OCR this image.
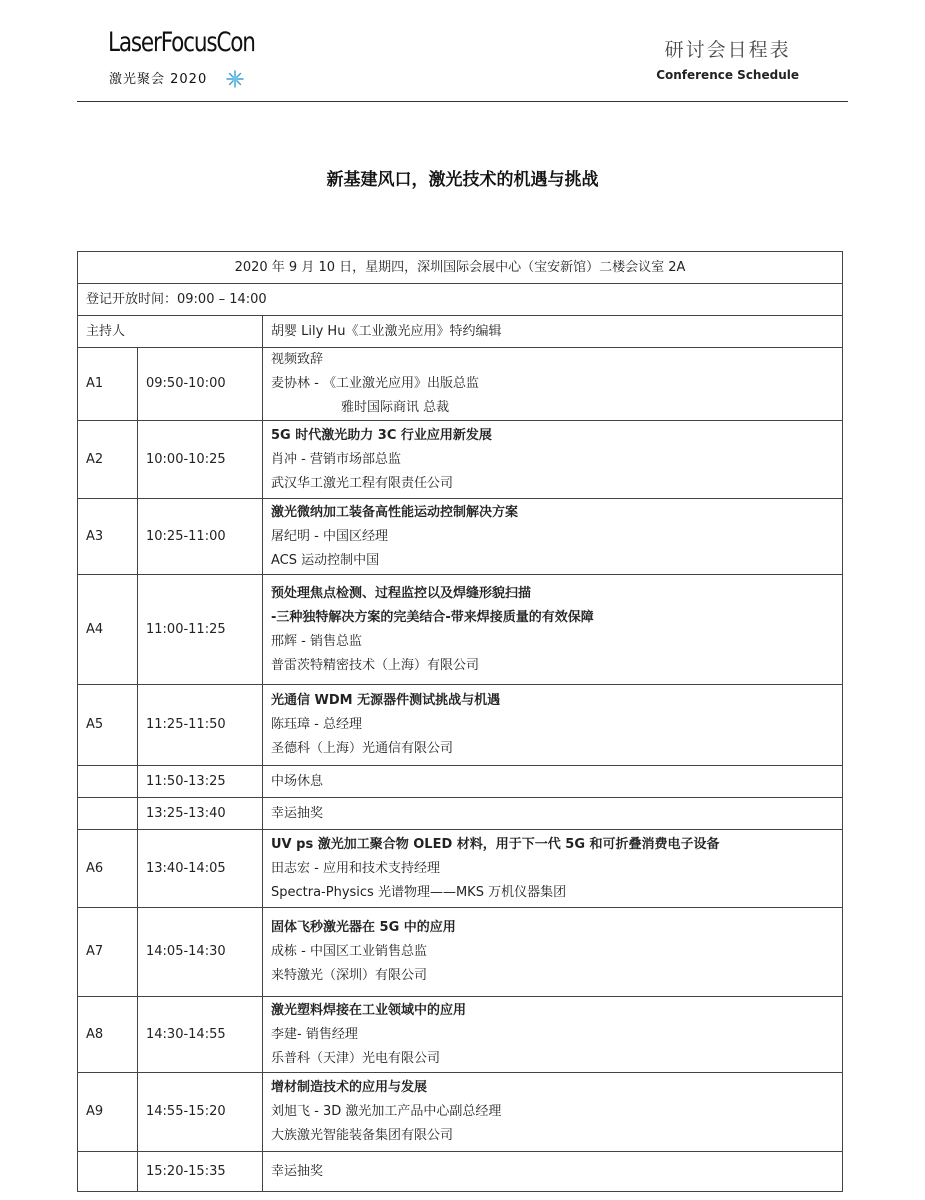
LaserFocusCon
激光聚会 2020
研讨会日程表
Conference Schedule
新基建风口，激光技术的机遇与挑战
2020 年 9 月 10 日，星期四，深圳国际会展中心（宝安新馆）二楼会议室 2A		
登记开放时间：09:00 – 14:00		
主持人		胡婴 Lily Hu《工业激光应用》特约编辑
A1	09:50-10:00	视频致辞
麦协林 - 《工业激光应用》出版总监
雅时国际商讯 总裁

A2	10:00-10:25	5G 时代激光助力 3C 行业应用新发展
肖冲 - 营销市场部总监
武汉华工激光工程有限责任公司

A3	10:25-11:00	激光微纳加工装备高性能运动控制解决方案
屠纪明 - 中国区经理
ACS 运动控制中国

A4	11:00-11:25	预处理焦点检测、过程监控以及焊缝形貌扫描
-三种独特解决方案的完美结合-带来焊接质量的有效保障
邢辉 - 销售总监
普雷茨特精密技术（上海）有限公司

A5	11:25-11:50	光通信 WDM 无源器件测试挑战与机遇
陈珏璋 - 总经理
圣德科（上海）光通信有限公司

	11:50-13:25	中场休息
	13:25-13:40	幸运抽奖
A6	13:40-14:05	UV ps 激光加工聚合物 OLED 材料，用于下一代 5G 和可折叠消费电子设备
田志宏 - 应用和技术支持经理
Spectra-Physics 光谱物理——MKS 万机仪器集团

A7	14:05-14:30	固体飞秒激光器在 5G 中的应用
成栋 - 中国区工业销售总监
来特激光（深圳）有限公司

A8	14:30-14:55	激光塑料焊接在工业领域中的应用
李建- 销售经理
乐普科（天津）光电有限公司

A9	14:55-15:20	增材制造技术的应用与发展
刘旭飞 - 3D 激光加工产品中心副总经理
大族激光智能装备集团有限公司

	15:20-15:35	幸运抽奖
